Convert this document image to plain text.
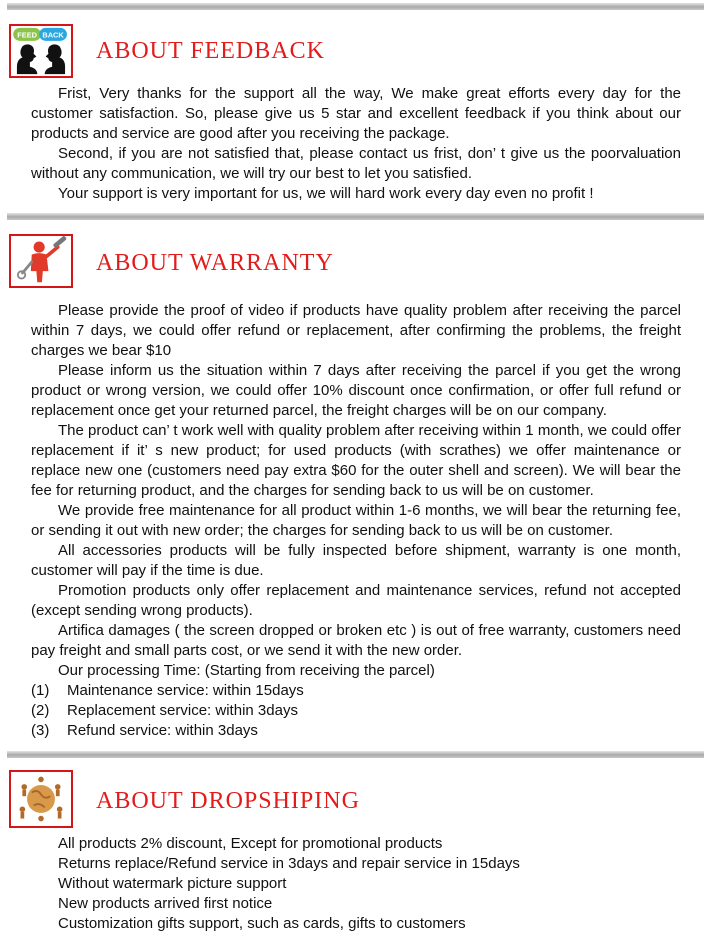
FEED BACK
ABOUT FEEDBACK

Frist, Very thanks for the support all the way, We make great efforts every day for the customer satisfaction. So, please give us 5 star and excellent feedback if you think about our products and service are good after you receiving the package.

Second, if you are not satisfied that, please contact us frist, don’ t give us the poorvaluation without any communication, we will try our best to let you satisfied.

Your support is very important for us, we will hard work every day even no profit !

ABOUT WARRANTY

Please provide the proof of video if products have quality problem after receiving the parcel within 7 days, we could offer refund or replacement, after confirming the problems, the freight charges we bear $10

Please inform us the situation within 7 days after receiving the parcel if you get the wrong product or wrong version, we could offer 10% discount once confirmation, or offer full refund or replacement once get your returned parcel, the freight charges will be on our company.

The product can’ t work well with quality problem after receiving within 1 month, we could offer replacement if it’ s new product; for used products (with scrathes) we offer maintenance or replace new one (customers need pay extra $60 for the outer shell and screen). We will bear the fee for returning product, and the charges for sending back to us will be on customer.

We provide free maintenance for all product within 1-6 months, we will bear the returning fee, or sending it out with new order; the charges for sending back to us will be on customer.

All accessories products will be fully inspected before shipment, warranty is one month, customer will pay if the time is due.

Promotion products only offer replacement and maintenance services, refund not accepted (except sending wrong products).

Artifica damages ( the screen dropped or broken etc ) is out of free warranty, customers need pay freight and small parts cost, or we send it with the new order.

Our processing Time: (Starting from receiving the parcel)

(1) Maintenance service: within 15days
(2) Replacement service: within 3days
(3) Refund service: within 3days
ABOUT DROPSHIPING
All products 2% discount, Except for promotional products
Returns replace/Refund service in 3days and repair service in 15days
Without watermark picture support
New products arrived first notice
Customization gifts support, such as cards, gifts to customers
